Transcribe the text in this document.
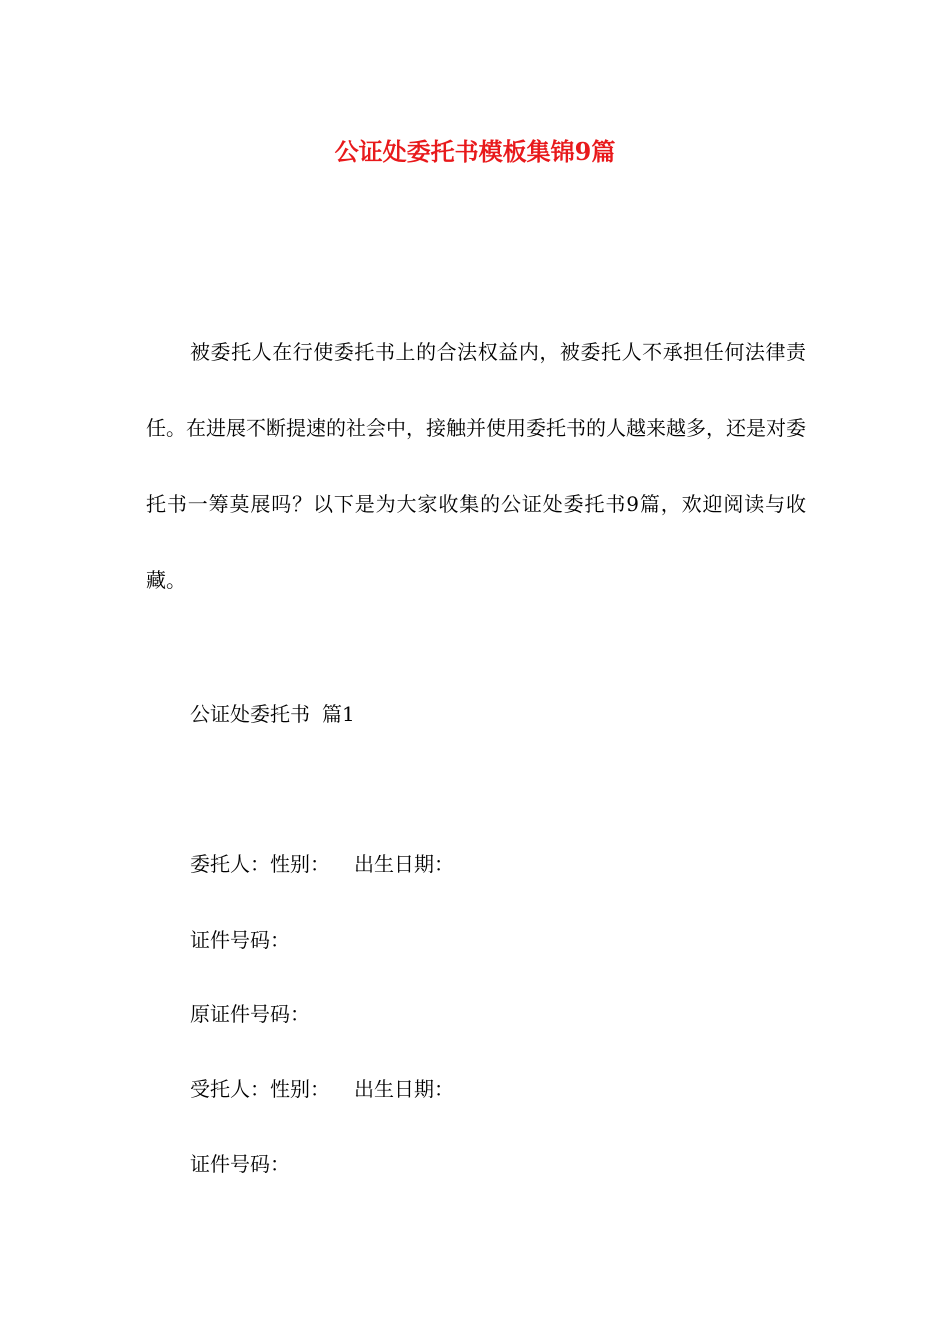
公证处委托书模板集锦9篇

被委托人在行使委托书上的合法权益内，被委托人不承担任何法律责任。在进展不断提速的社会中，接触并使用委托书的人越来越多，还是对委托书一筹莫展吗？以下是为大家收集的公证处委托书9篇，欢迎阅读与收藏。

公证处委托书 篇1

委托人：性别： 出生日期：

证件号码：

原证件号码：

受托人：性别： 出生日期：

证件号码：
